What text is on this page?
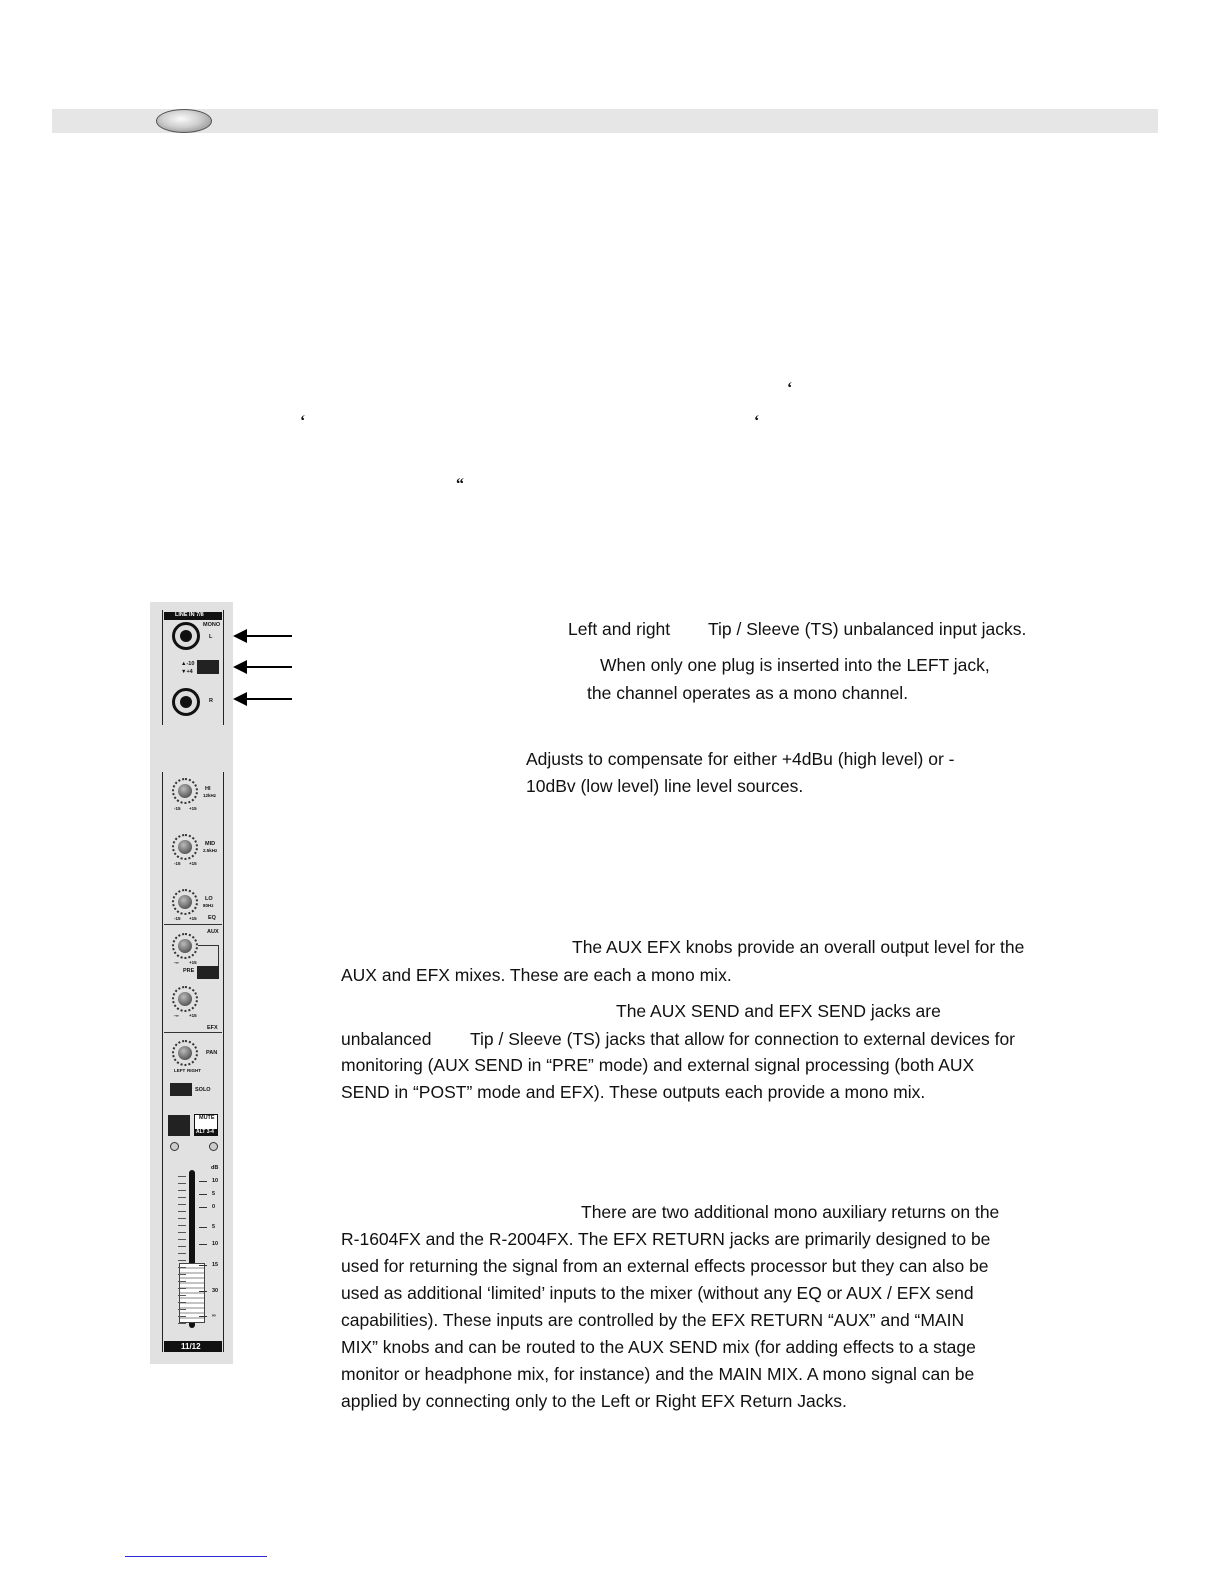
‘
‘	‘
“
LINE IN 7/8
MONO
L
▲-10
▼+4
R
HI
12kHz
-15 +15
MID
2.5kHz
-15 +15
LO
80Hz
-15 +15 EQ
AUX
-∞ +15
PRE
-∞ +15
EFX
PAN
LEFT RIGHT
SOLO
MUTE
ALT 3-4
dB
11/12
Left and right Tip / Sleeve (TS) unbalanced input jacks.
When only one plug is inserted into the LEFT jack,
the channel operates as a mono channel.
Adjusts to compensate for either +4dBu (high level) or -
10dBv (low level) line level sources.
The AUX EFX knobs provide an overall output level for the
AUX and EFX mixes. These are each a mono mix.
The AUX SEND and EFX SEND jacks are
unbalanced Tip / Sleeve (TS) jacks that allow for connection to external devices for
monitoring (AUX SEND in “PRE” mode) and external signal processing (both AUX
SEND in “POST” mode and EFX). These outputs each provide a mono mix.
There are two additional mono auxiliary returns on the
R-1604FX and the R-2004FX. The EFX RETURN jacks are primarily designed to be
used for returning the signal from an external effects processor but they can also be
used as additional ‘limited’ inputs to the mixer (without any EQ or AUX / EFX send
capabilities). These inputs are controlled by the EFX RETURN “AUX” and “MAIN
MIX” knobs and can be routed to the AUX SEND mix (for adding effects to a stage
monitor or headphone mix, for instance) and the MAIN MIX. A mono signal can be
applied by connecting only to the Left or Right EFX Return Jacks.
10
5
0
5
10
15
30
∞
